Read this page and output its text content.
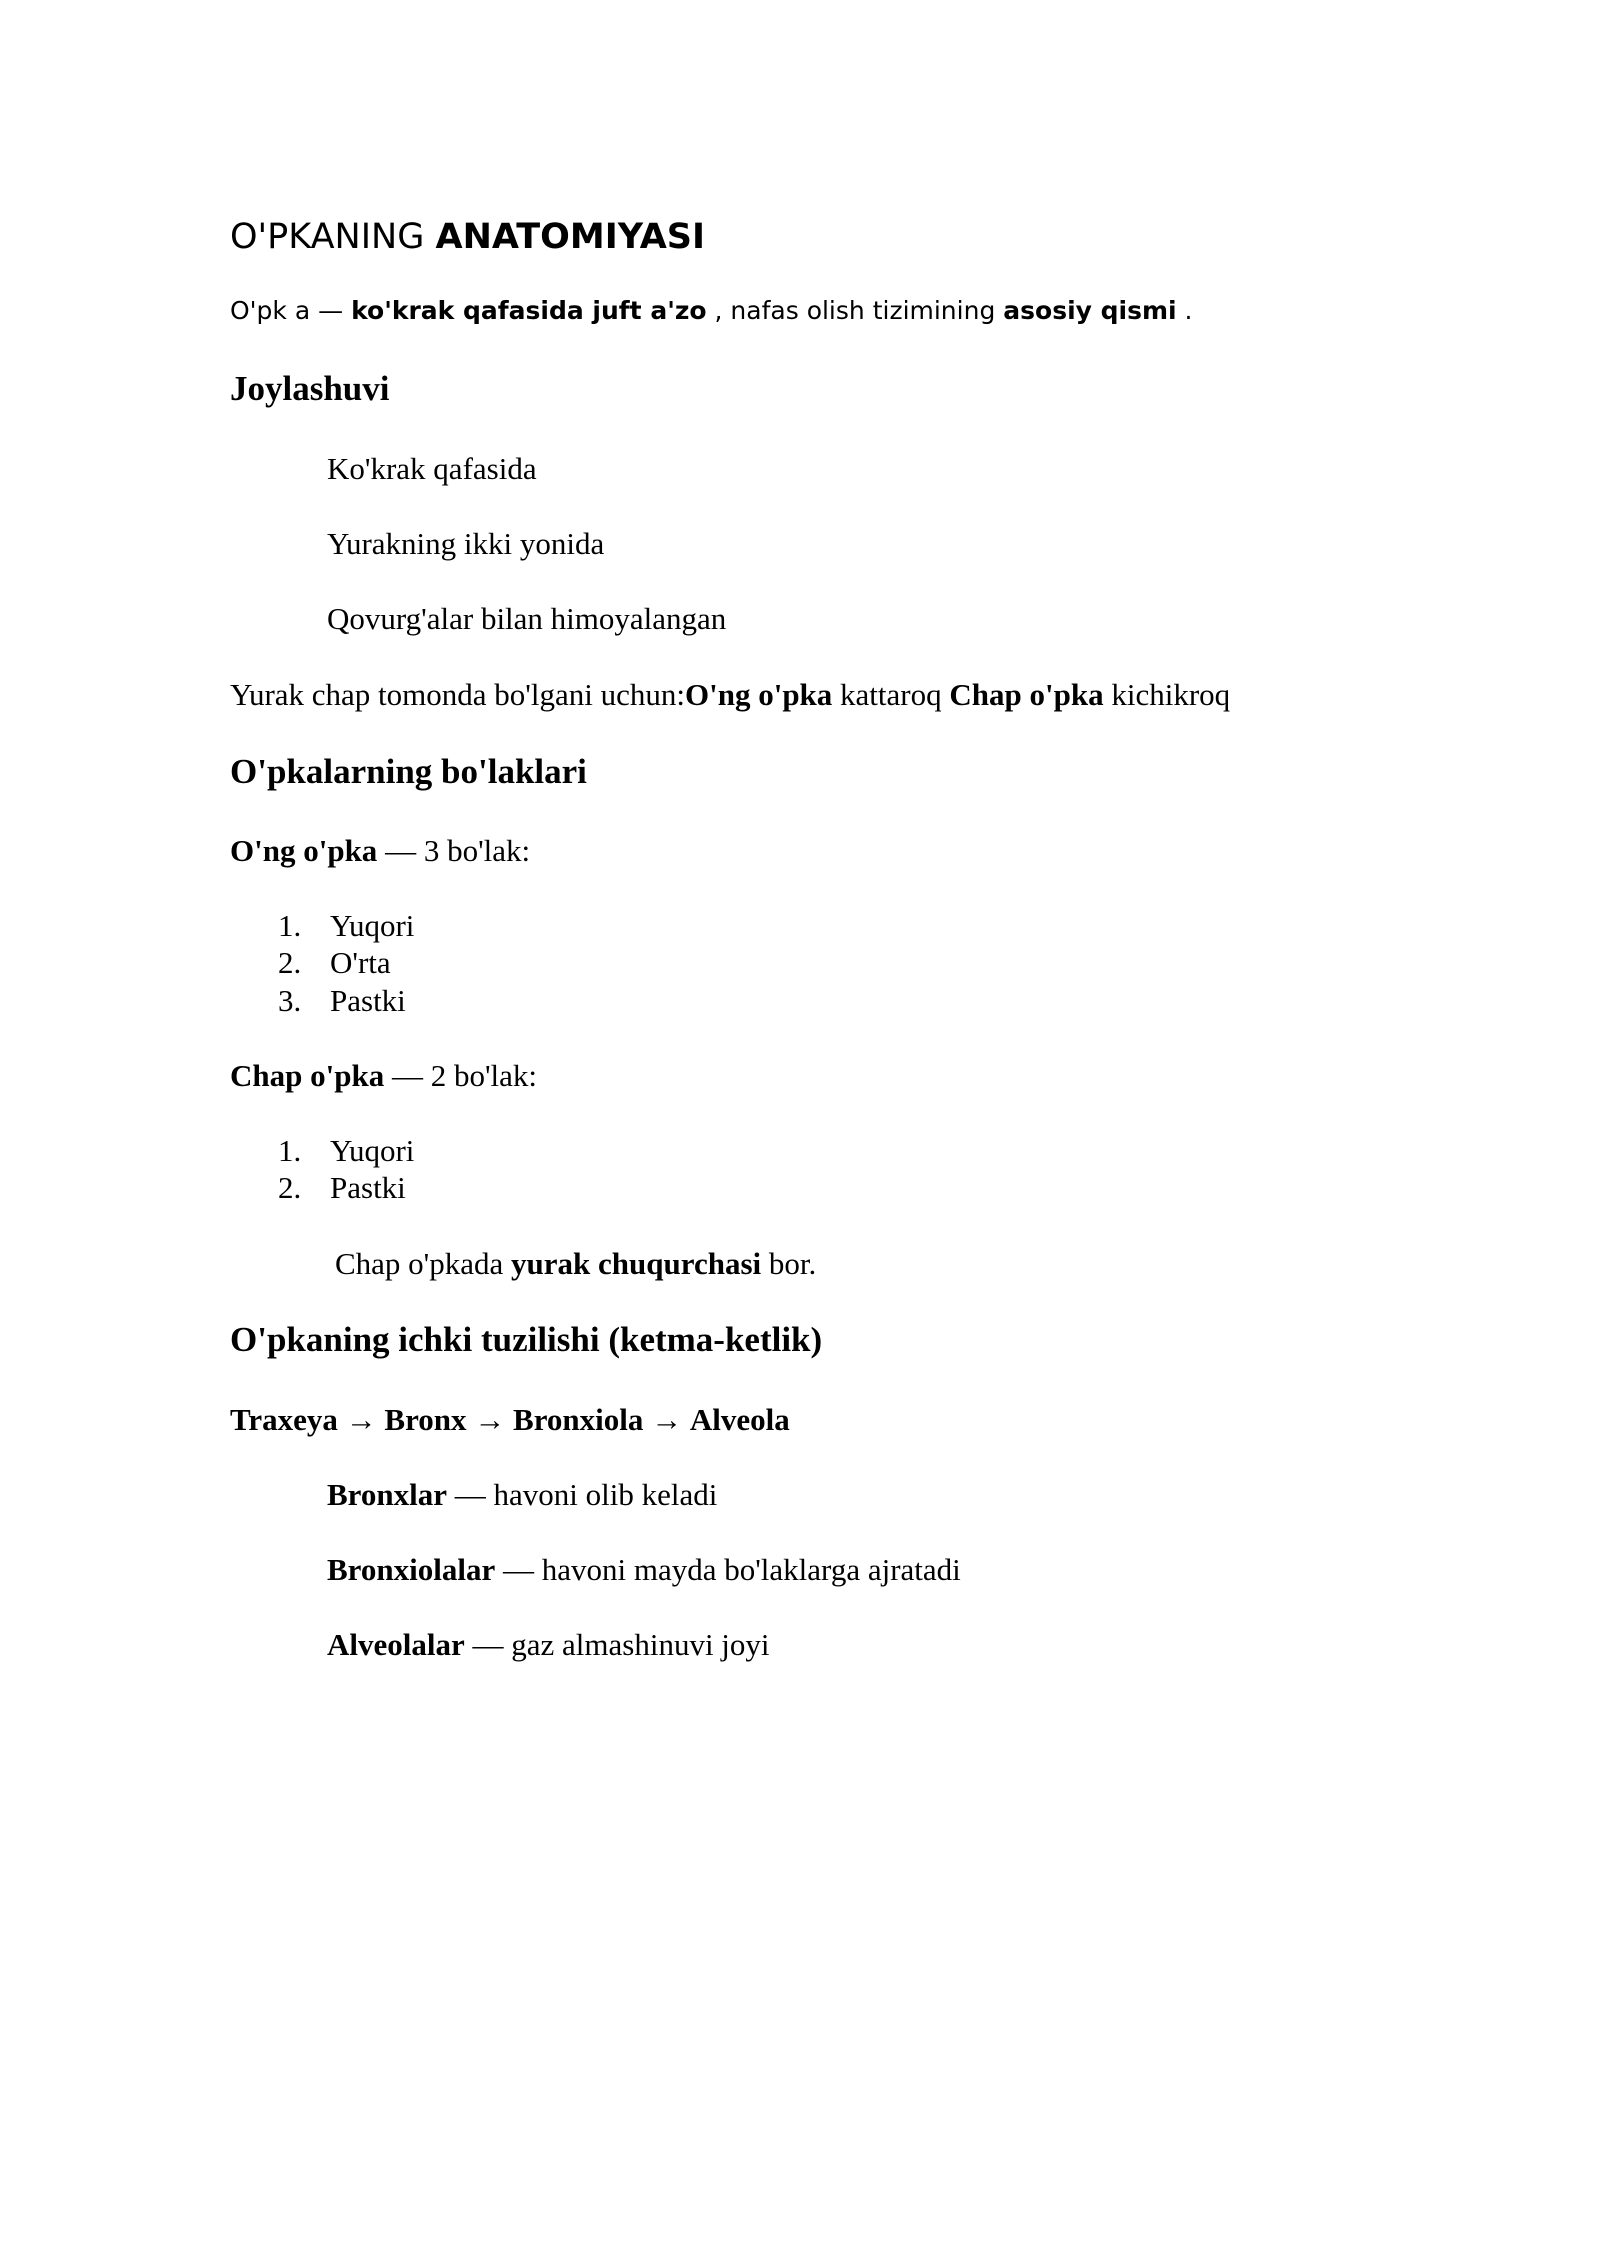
O'PKANING ANATOMIYASI
O'pk a — ko'krak qafasida juft a'zo , nafas olish tizimining asosiy qismi .
Joylashuvi
Ko'krak qafasida
Yurakning ikki yonida
Qovurg'alar bilan himoyalangan
Yurak chap tomonda bo'lgani uchun:O'ng o'pka kattaroq Chap o'pka kichikroq
O'pkalarning bo'laklari
O'ng o'pka — 3 bo'lak:
1. Yuqori
2. O'rta
3. Pastki
Chap o'pka — 2 bo'lak:
1. Yuqori
2. Pastki
Chap o'pkada yurak chuqurchasi bor.
O'pkaning ichki tuzilishi (ketma-ketlik)
Traxeya → Bronx → Bronxiola → Alveola
Bronxlar — havoni olib keladi
Bronxiolalar — havoni mayda bo'laklarga ajratadi
Alveolalar — gaz almashinuvi joyi
